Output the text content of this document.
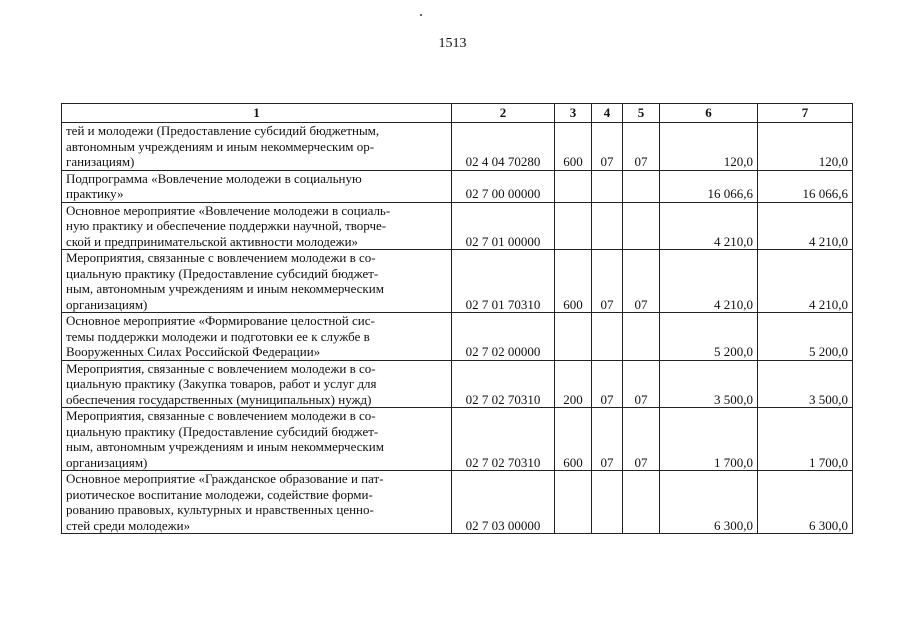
1513
1	2	3	4	5	6	7
тей и молодежи (Предоставление субсидий бюджетным,
автономным учреждениям и иным некоммерческим ор-
ганизациям)	02 4 04 70280	600	07	07	120,0	120,0
Подпрограмма «Вовлечение молодежи в социальную
практику»	02 7 00 00000				16 066,6	16 066,6
Основное мероприятие «Вовлечение молодежи в социаль-
ную практику и обеспечение поддержки научной, творче-
ской и предпринимательской активности молодежи»	02 7 01 00000				4 210,0	4 210,0
Мероприятия, связанные с вовлечением молодежи в со-
циальную практику (Предоставление субсидий бюджет-
ным, автономным учреждениям и иным некоммерческим
организациям)	02 7 01 70310	600	07	07	4 210,0	4 210,0
Основное мероприятие «Формирование целостной сис-
темы поддержки молодежи и подготовки ее к службе в
Вооруженных Силах Российской Федерации»	02 7 02 00000				5 200,0	5 200,0
Мероприятия, связанные с вовлечением молодежи в со-
циальную практику (Закупка товаров, работ и услуг для
обеспечения государственных (муниципальных) нужд)	02 7 02 70310	200	07	07	3 500,0	3 500,0
Мероприятия, связанные с вовлечением молодежи в со-
циальную практику (Предоставление субсидий бюджет-
ным, автономным учреждениям и иным некоммерческим
организациям)	02 7 02 70310	600	07	07	1 700,0	1 700,0
Основное мероприятие «Гражданское образование и пат-
риотическое воспитание молодежи, содействие форми-
рованию правовых, культурных и нравственных ценно-
стей среди молодежи»	02 7 03 00000				6 300,0	6 300,0
